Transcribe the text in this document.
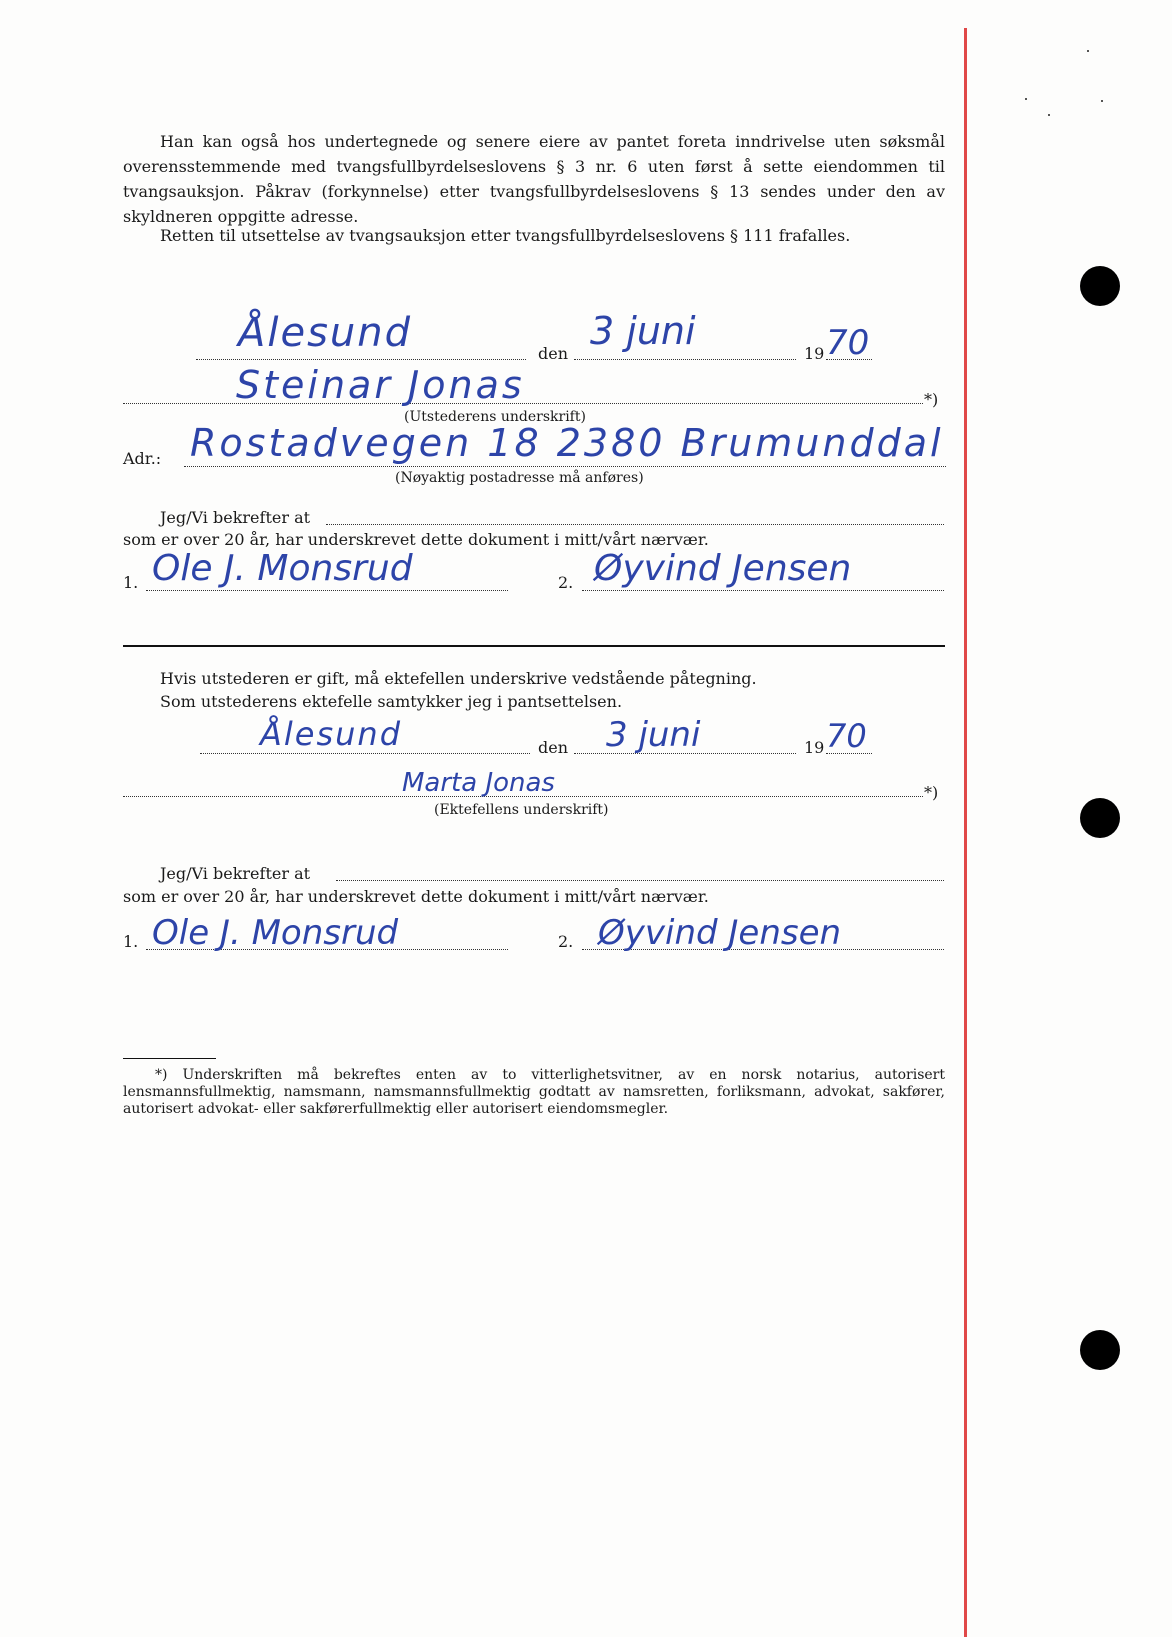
Han kan også hos undertegnede og senere eiere av pantet foreta inndrivelse uten søksmål overensstemmende med tvangsfullbyrdelseslovens § 3 nr. 6 uten først å sette eiendommen til tvangsauksjon. Påkrav (forkynnelse) etter tvangsfullbyrdelseslovens § 13 sendes under den av skyldneren oppgitte adresse.
Retten til utsettelse av tvangsauksjon etter tvangsfullbyrdelseslovens § 111 frafalles.
Ålesund	den
3 juni
19 70
Steinar Jonas	*)
(Utstederens underskrift)
Adr.: Rostadvegen 18 2380 Brumunddal
(Nøyaktig postadresse må anføres)
Jeg/Vi bekrefter at
som er over 20 år, har underskrevet dette dokument i mitt/vårt nærvær.
1. Ole J. Monsrud	2. Øyvind Jensen
Hvis utstederen er gift, må ektefellen underskrive vedstående påtegning.
Som utstederens ektefelle samtykker jeg i pantsettelsen.
Ålesund	den 3 juni	19 70
Marta Jonas	*)
(Ektefellens underskrift)
Jeg/Vi bekrefter at
som er over 20 år, har underskrevet dette dokument i mitt/vårt nærvær.
1. Ole J. Monsrud	2. Øyvind Jensen
*) Underskriften må bekreftes enten av to vitterlighetsvitner, av en norsk notarius, autorisert lensmannsfullmektig, namsmann, namsmannsfullmektig godtatt av namsretten, forliksmann, advokat, sakfører, autorisert advokat- eller sakførerfullmektig eller autorisert eiendomsmegler.
